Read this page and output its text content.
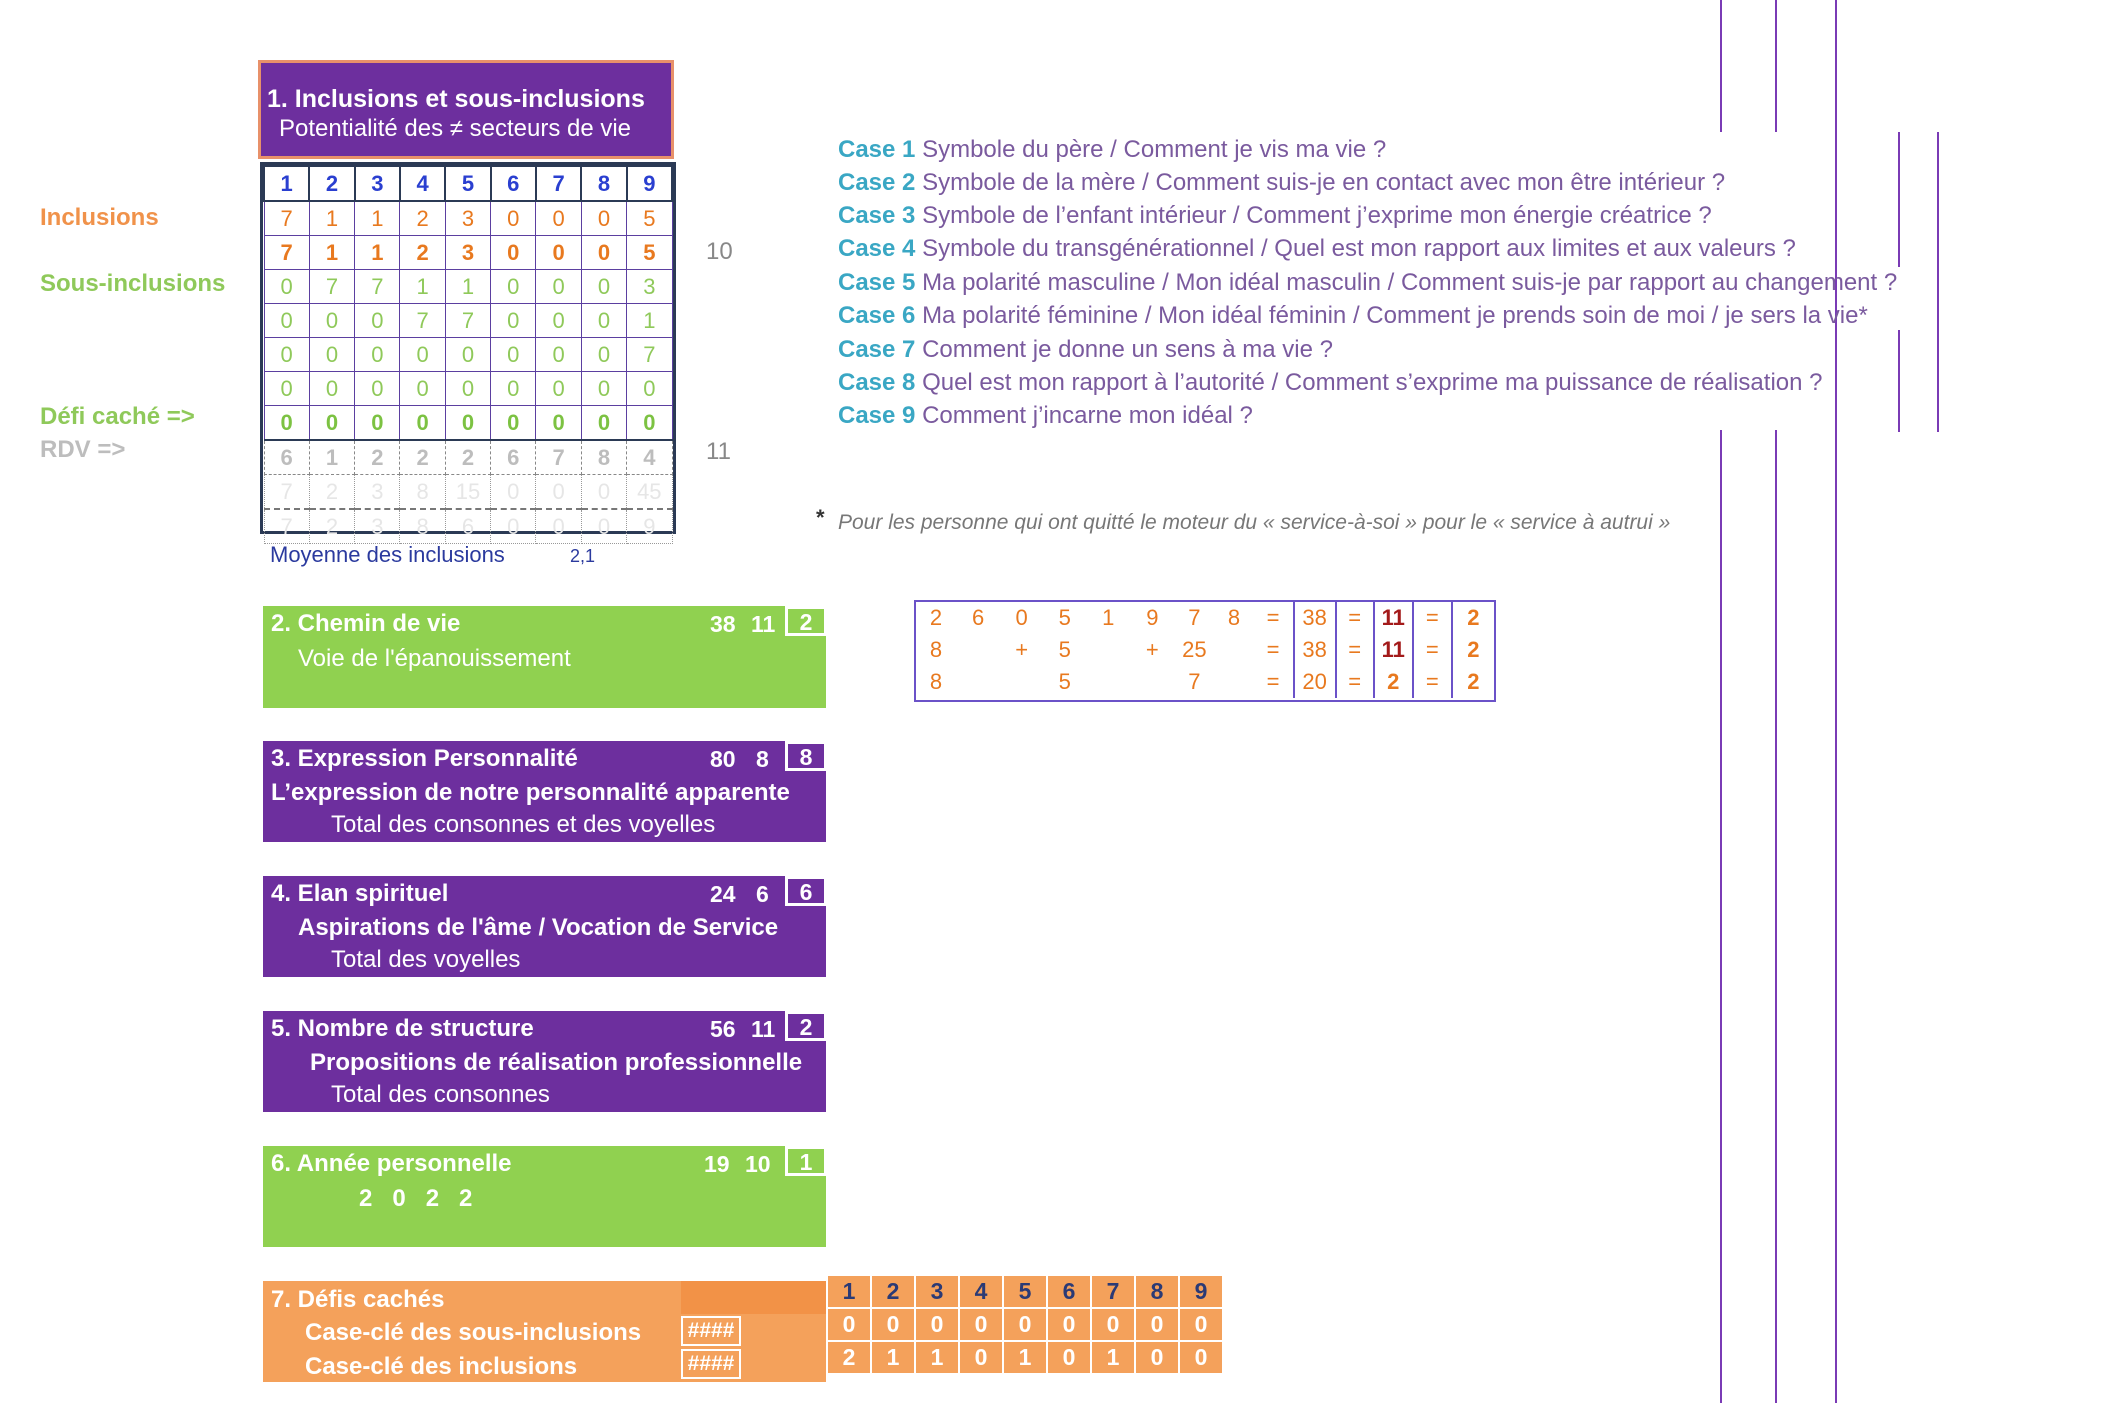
1. Inclusions et sous-inclusions
Potentialité des ≠ secteurs de vie
Inclusions
Sous-inclusions
Défi caché =>
RDV =>
1	2	3	4	5	6	7	8	9
7	1	1	2	3	0	0	0	5
7	1	1	2	3	0	0	0	5
0	7	7	1	1	0	0	0	3
0	0	0	7	7	0	0	0	1
0	0	0	0	0	0	0	0	7
0	0	0	0	0	0	0	0	0
0	0	0	0	0	0	0	0	0
6	1	2	2	2	6	7	8	4
7	2	3	8	15	0	0	0	45
7	2	3	8	6	0	0	0	9
10
11
Moyenne des inclusions	2,1
Case 1 Symbole du père / Comment je vis ma vie ?
Case 2 Symbole de la mère / Comment suis-je en contact avec mon être intérieur ?
Case 3 Symbole de l’enfant intérieur / Comment j’exprime mon énergie créatrice ?
Case 4 Symbole du transgénérationnel / Quel est mon rapport aux limites et aux valeurs ?
Case 5 Ma polarité masculine / Mon idéal masculin / Comment suis-je par rapport au changement ?
Case 6 Ma polarité féminine / Mon idéal féminin / Comment je prends soin de moi / je sers la vie*
Case 7 Comment je donne un sens à ma vie ?
Case 8 Quel est mon rapport à l’autorité / Comment s’exprime ma puissance de réalisation ?
Case 9 Comment j’incarne mon idéal ?
* Pour les personne qui ont quitté le moteur du « service-à-soi » pour le « service à autrui »
2. Chemin de vie	38 11	2
Voie de l'épanouissement
2	6	0	5	1	9	7	8	=	38	=	11	=	2
8		+	5		+	25		=	38	=	11	=	2
8			5			7		=	20	=	2	=	2
3. Expression Personnalité	80 8	8
L’expression de notre personnalité apparente
Total des consonnes et des voyelles
4. Elan spirituel	24 6	6
Aspirations de l'âme / Vocation de Service
Total des voyelles
5. Nombre de structure	56 11	2
Propositions de réalisation professionnelle
Total des consonnes
6. Année personnelle	19 10	1
2   0   2   2
7. Défis cachés
Case-clé des sous-inclusions
Case-clé des inclusions
####
####
1	2	3	4	5	6	7	8	9
0	0	0	0	0	0	0	0	0
2	1	1	0	1	0	1	0	0
